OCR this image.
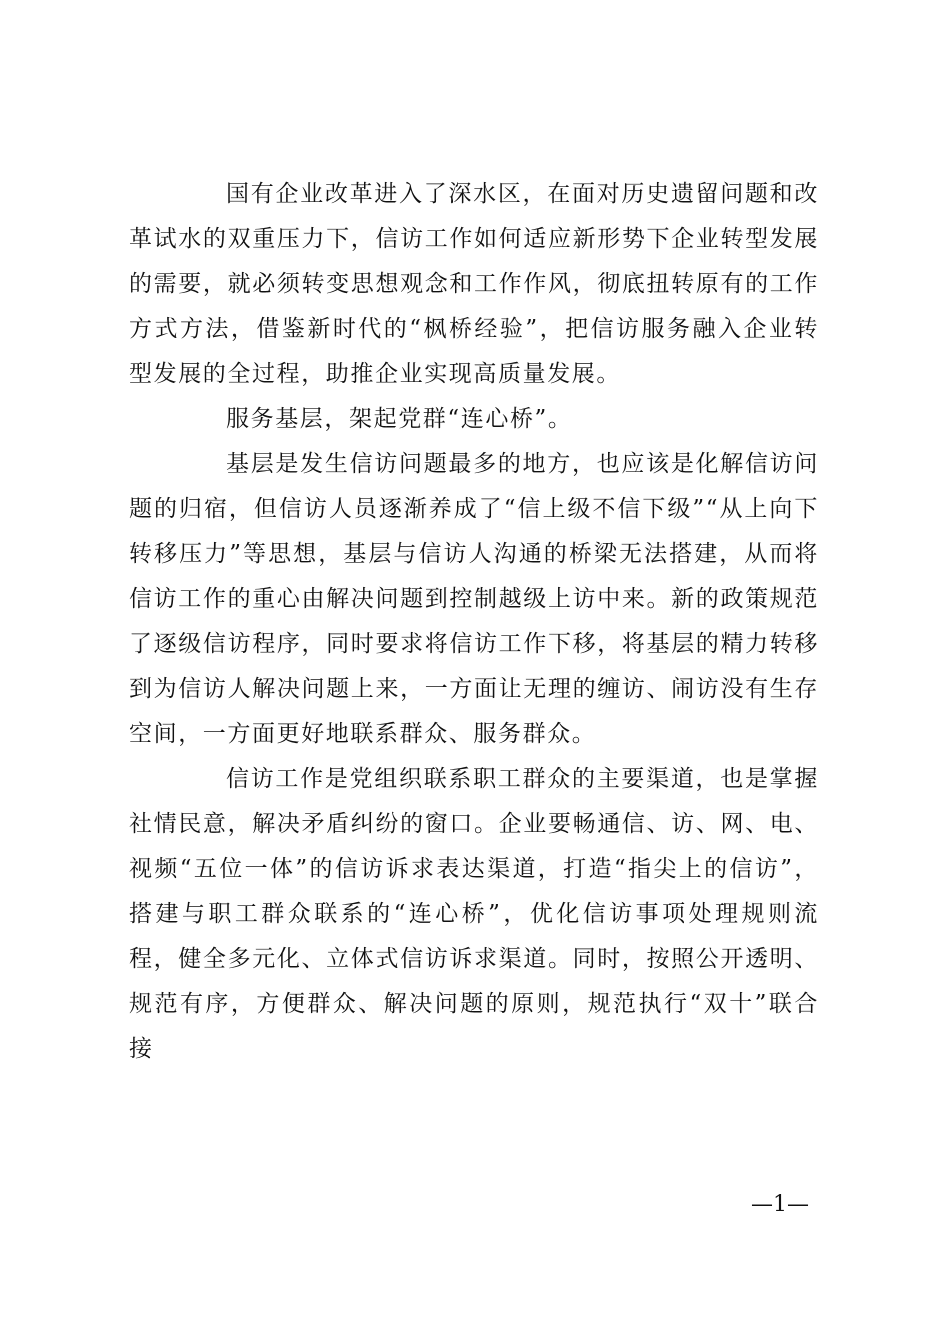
国有企业改革进入了深水区，在面对历史遗留问题和改革试水的双重压力下，信访工作如何适应新形势下企业转型发展的需要，就必须转变思想观念和工作作风，彻底扭转原有的工作方式方法，借鉴新时代的“枫桥经验”，把信访服务融入企业转型发展的全过程，助推企业实现高质量发展。

服务基层，架起党群“连心桥”。

基层是发生信访问题最多的地方，也应该是化解信访问题的归宿，但信访人员逐渐养成了“信上级不信下级”“从上向下转移压力”等思想，基层与信访人沟通的桥梁无法搭建，从而将信访工作的重心由解决问题到控制越级上访中来。新的政策规范了逐级信访程序，同时要求将信访工作下移，将基层的精力转移到为信访人解决问题上来，一方面让无理的缠访、闹访没有生存空间，一方面更好地联系群众、服务群众。

信访工作是党组织联系职工群众的主要渠道，也是掌握社情民意，解决矛盾纠纷的窗口。企业要畅通信、访、网、电、视频“五位一体”的信访诉求表达渠道，打造“指尖上的信访”，搭建与职工群众联系的“连心桥”，优化信访事项处理规则流程，健全多元化、立体式信访诉求渠道。同时，按照公开透明、规范有序，方便群众、解决问题的原则，规范执行“双十”联合接

—1—
